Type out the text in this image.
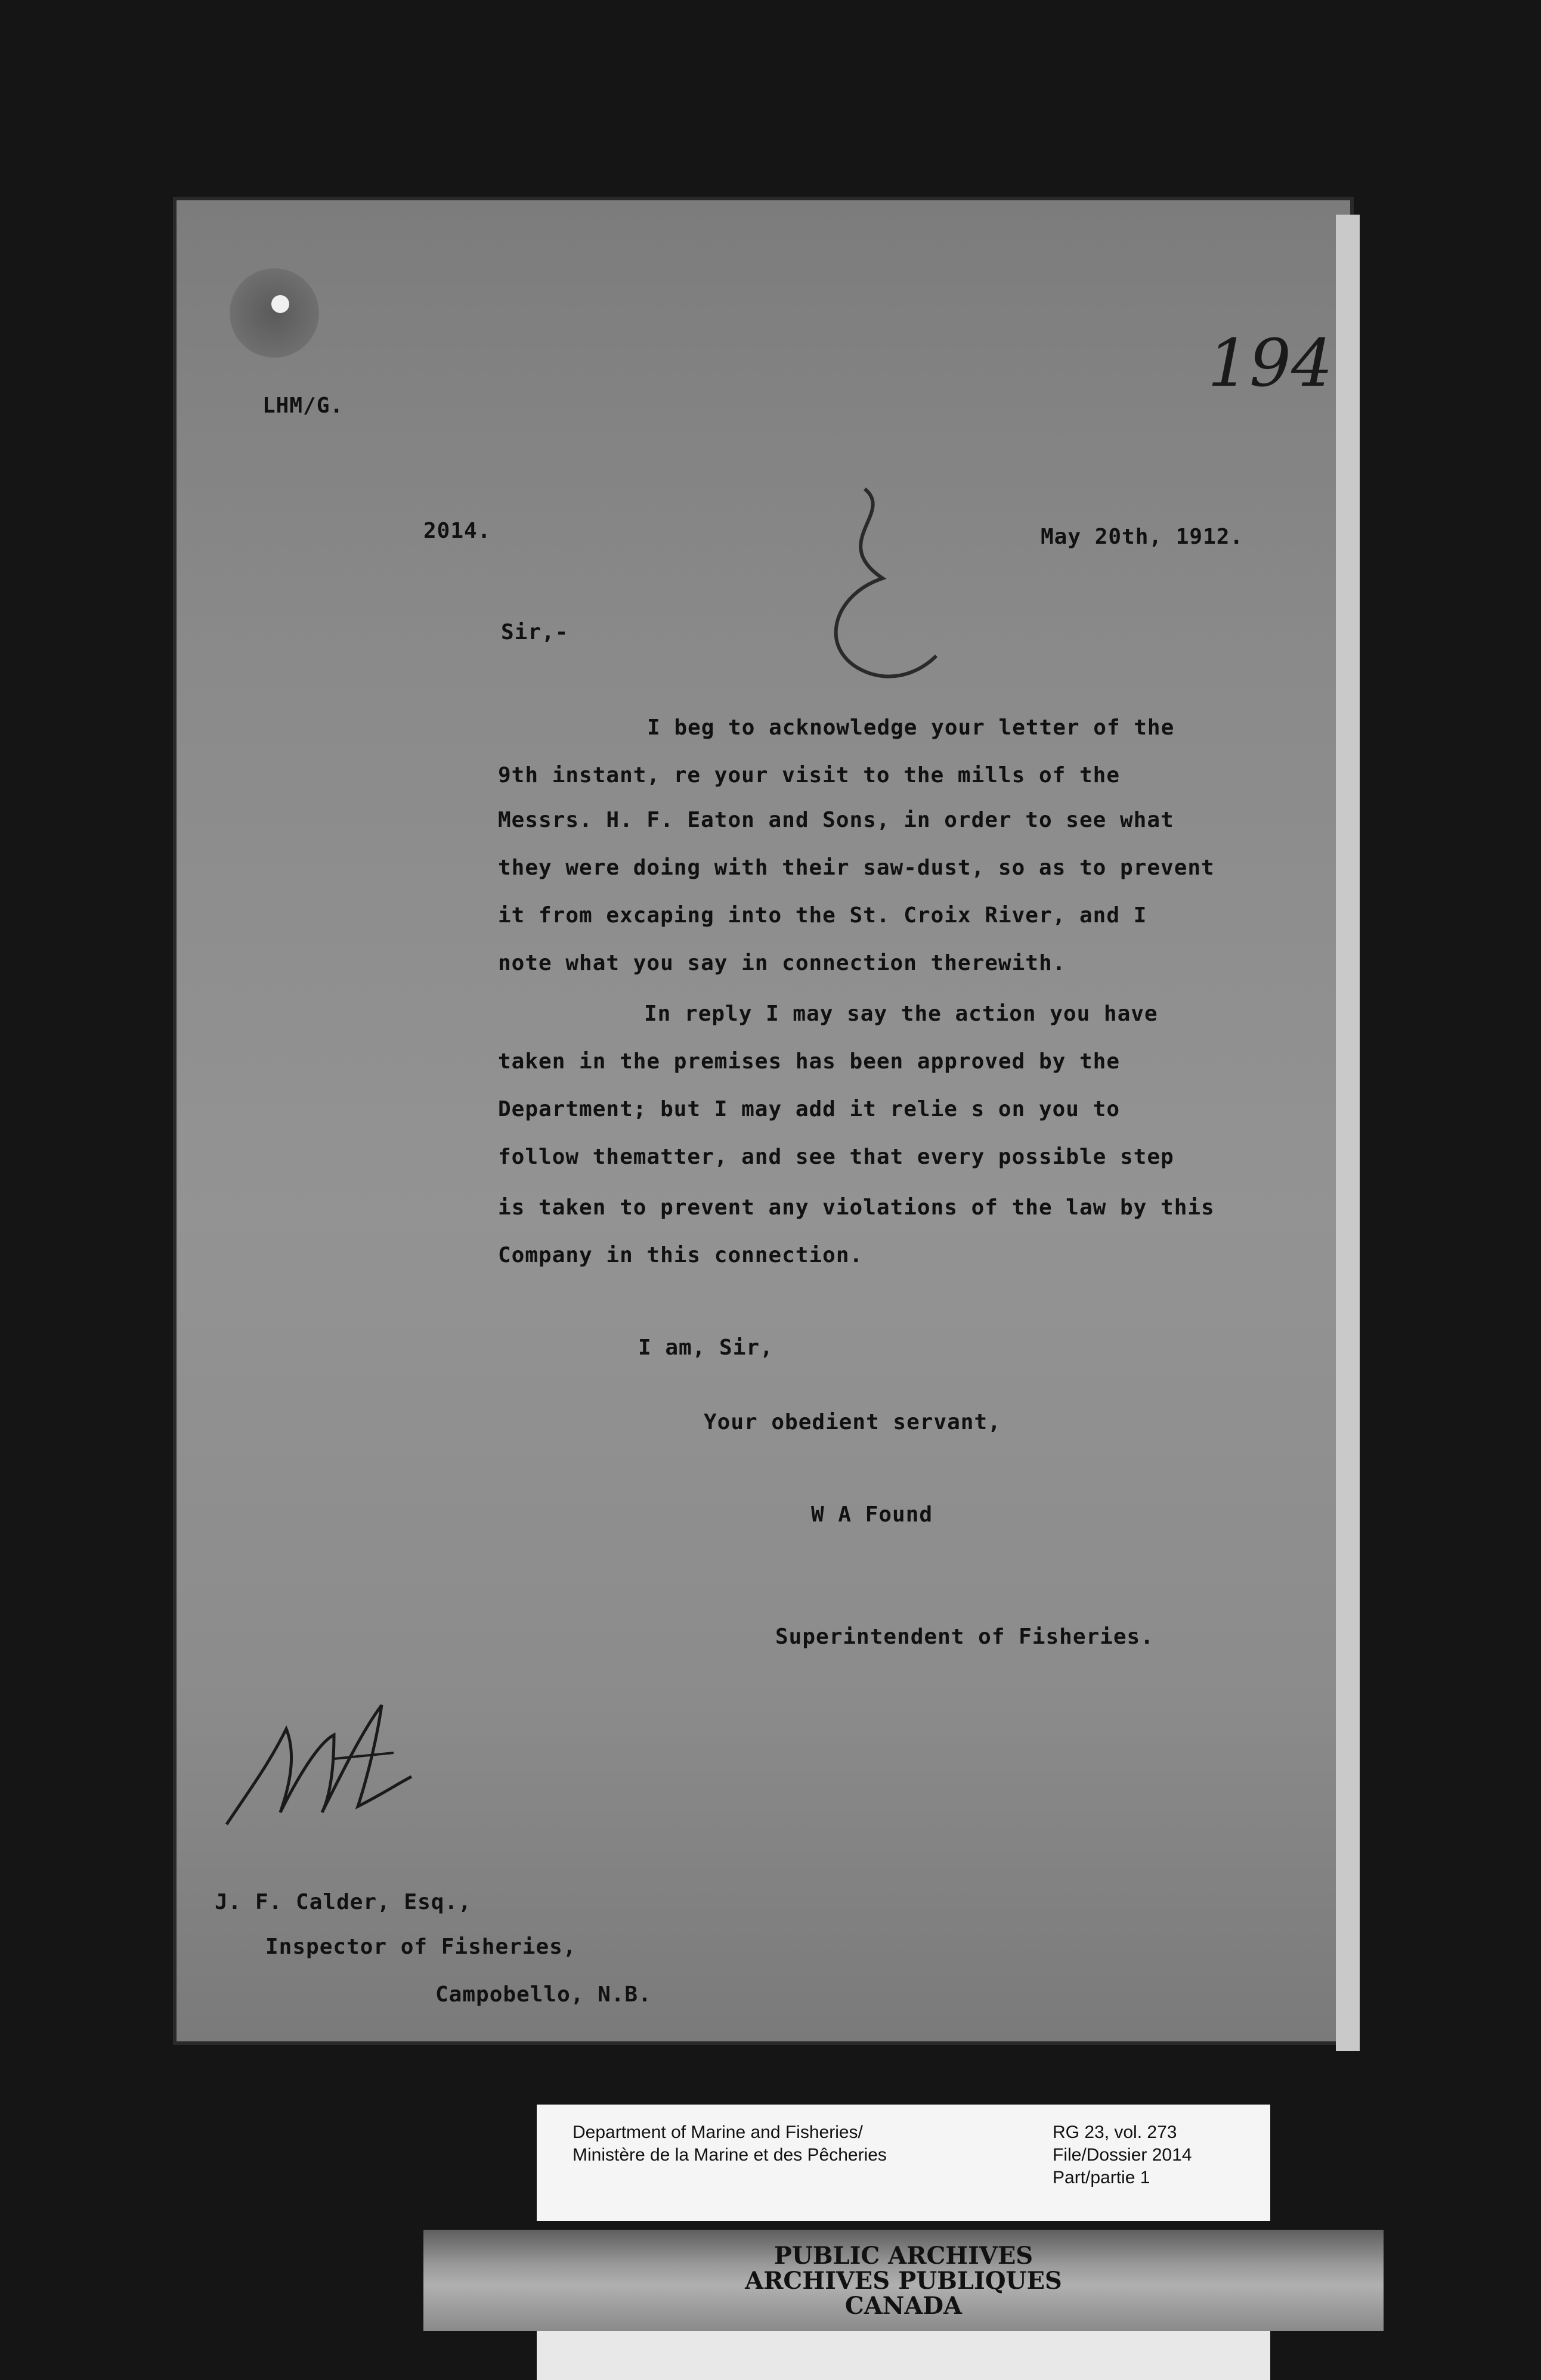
LHM/G.
194
2014.	May 20th, 1912.
Sir,-
I beg to acknowledge your letter of the
9th instant, re your visit to the mills of the
Messrs. H. F. Eaton and Sons, in order to see what
they were doing with their saw-dust, so as to prevent
it from excaping into the St. Croix River, and I
note what you say in connection therewith.
In reply I may say the action you have
taken in the premises has been approved by the
Department; but I may add it relie s on you to
follow thematter, and see that every possible step
is taken to prevent any violations of the law by this
Company in this connection.
I am, Sir,
Your obedient servant,
W A Found
Superintendent of Fisheries.
J. F. Calder, Esq.,
Inspector of Fisheries,
Campobello, N.B.
Department of Marine and Fisheries/
Ministère de la Marine et des Pêcheries
RG 23, vol. 273
File/Dossier 2014
Part/partie 1
PUBLIC ARCHIVES
ARCHIVES PUBLIQUES
CANADA
